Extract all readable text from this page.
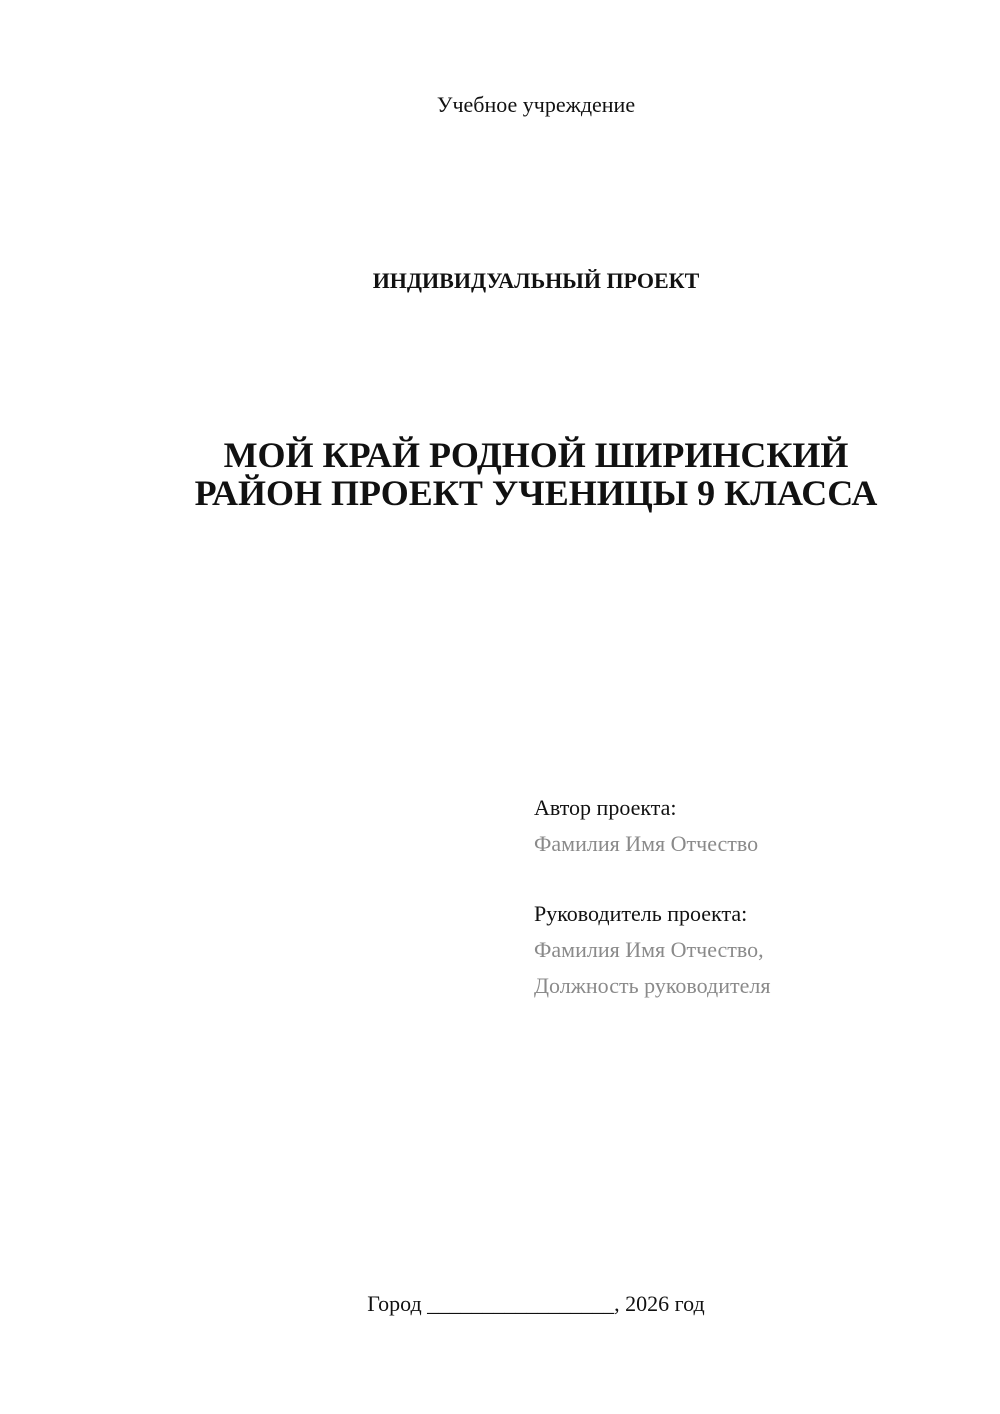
Учебное учреждение
ИНДИВИДУАЛЬНЫЙ ПРОЕКТ
МОЙ КРАЙ РОДНОЙ ШИРИНСКИЙ
РАЙОН ПРОЕКТ УЧЕНИЦЫ 9 КЛАССА
Автор проекта:
Фамилия Имя Отчество
Руководитель проекта:
Фамилия Имя Отчество,
Должность руководителя
Город _________________, 2026 год
